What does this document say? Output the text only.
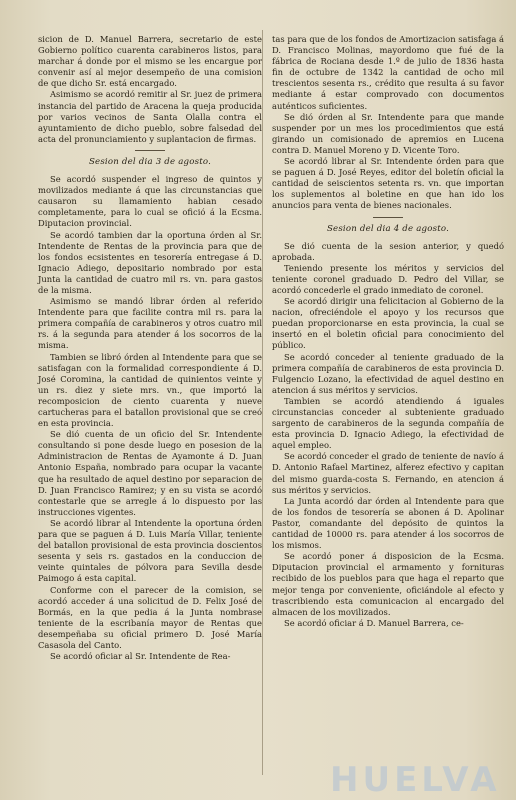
sicion de D. Manuel Barrera, secretario de este Gobierno político cuarenta carabineros listos, para marchar á donde por el mismo se les encargue por convenir así al mejor desempeño de una comision de que dicho Sr. está encargado.

Asimismo se acordó remitir al Sr. juez de primera instancia del partido de Aracena la queja producida por varios vecinos de Santa Olalla contra el ayuntamiento de dicho pueblo, sobre falsedad del acta del pronunciamiento y suplantacion de firmas.

Sesion del dia 3 de agosto.

Se acordó suspender el ingreso de quintos y movilizados mediante á que las circunstancias que causaron su llamamiento habian cesado completamente, para lo cual se ofició á la Ecsma. Diputacion provincial.

Se acordó tambien dar la oportuna órden al Sr. Intendente de Rentas de la provincia para que de los fondos ecsistentes en tesorería entregase á D. Ignacio Adiego, depositario nombrado por esta Junta la cantidad de cuatro mil rs. vn. para gastos de la misma.

Asimismo se mandó librar órden al referido Intendente para que facilite contra mil rs. para la primera compañía de carabineros y otros cuatro mil rs. á la segunda para atender á los socorros de la misma.

Tambien se libró órden al Intendente para que se satisfagan con la formalidad correspondiente á D. José Coromina, la cantidad de quinientos veinte y un rs. diez y siete mrs. vn., que importó la recomposicion de ciento cuarenta y nueve cartucheras para el batallon provisional que se creó en esta provincia.

Se dió cuenta de un oficio del Sr. Intendente consultando si pone desde luego en posesion de la Administracion de Rentas de Ayamonte á D. Juan Antonio España, nombrado para ocupar la vacante que ha resultado de aquel destino por separacion de D. Juan Francisco Ramirez; y en su vista se acordó contestarle que se arregle á lo dispuesto por las instrucciones vigentes.

Se acordó librar al Intendente la oportuna órden para que se paguen á D. Luis María Villar, teniente del batallon provisional de esta provincia doscientos sesenta y seis rs. gastados en la conduccion de veinte quintales de pólvora para Sevilla desde Paimogo á esta capital.

Conforme con el parecer de la comision, se acordó acceder á una solicitud de D. Felix José de Bormás, en la que pedia á la Junta nombrase teniente de la escribanía mayor de Rentas que desempeñaba su oficial primero D. José María Casasola del Canto.

Se acordó oficiar al Sr. Intendente de Rea-

tas para que de los fondos de Amortizacion satisfaga á D. Francisco Molinas, mayordomo que fué de la fábrica de Rociana desde 1.º de julio de 1836 hasta fin de octubre de 1342 la cantidad de ocho mil trescientos sesenta rs., crédito que resulta á su favor mediante á estar comprovado con documentos auténticos suficientes.

Se dió órden al Sr. Intendente para que mande suspender por un mes los procedimientos que está girando un comisionado de apremios en Lucena contra D. Manuel Moreno y D. Vicente Toro.

Se acordó librar al Sr. Intendente órden para que se paguen á D. José Reyes, editor del boletín oficial la cantidad de seiscientos setenta rs. vn. que importan los suplementos al boletine en que han ido los anuncios para venta de bienes nacionales.

Sesion del dia 4 de agosto.

Se dió cuenta de la sesion anterior, y quedó aprobada.

Teniendo presente los méritos y servicios del teniente coronel graduado D. Pedro del Villar, se acordó concederle el grado inmediato de coronel.

Se acordó dirigir una felicitacion al Gobierno de la nacion, ofreciéndole el apoyo y los recursos que puedan proporcionarse en esta provincia, la cual se insertó en el boletin oficial para conocimiento del público.

Se acordó conceder al teniente graduado de la primera compañía de carabineros de esta provincia D. Fulgencio Lozano, la efectividad de aquel destino en atencion á sus méritos y servicios.

Tambien se acordó atendiendo á iguales circunstancias conceder al subteniente graduado sargento de carabineros de la segunda compañía de esta provincia D. Ignacio Adiego, la efectividad de aquel empleo.

Se acordó conceder el grado de teniente de navío á D. Antonio Rafael Martinez, alferez efectivo y capitan del mismo guarda-costa S. Fernando, en atencion á sus méritos y servicios.

La Junta acordó dar órden al Intendente para que de los fondos de tesorería se abonen á D. Apolinar Pastor, comandante del depósito de quintos la cantidad de 10000 rs. para atender á los socorros de los mismos.

Se acordó poner á disposicion de la Ecsma. Diputacion provincial el armamento y fornituras recibido de los pueblos para que haga el reparto que mejor tenga por conveniente, oficiándole al efecto y trascribiendo esta comunicacion al encargado del almacen de los movilizados.

Se acordó oficiar á D. Manuel Barrera, ce-

HUELVA
